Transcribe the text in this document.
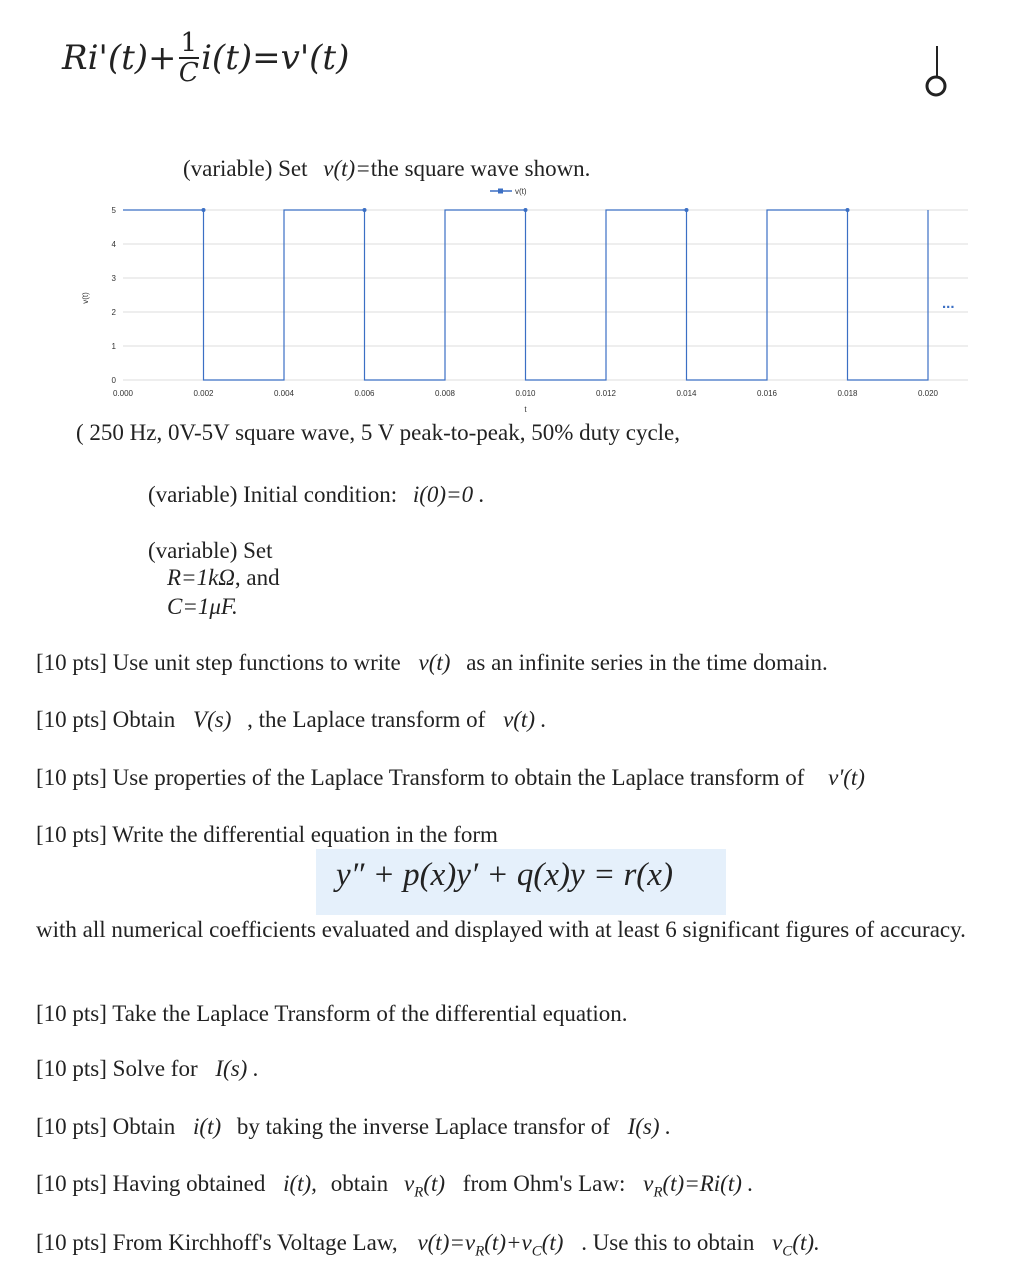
$Ri'(t)+ \frac{1}{C} i(t)=v'(t)$
(variable) Set v(t)=the square wave shown.
0
1
2
3
4
5
0.000	0.002	0.004	0.006	0.008	0.010	0.012	0.014	0.016	0.018	0.020
t
v(t)
v(t)
...
( 250 Hz, 0V-5V square wave, 5 V peak-to-peak, 50% duty cycle,
(variable) Initial condition: i(0)=0 .
(variable) Set
R=1kΩ, and
C=1μF.
[10 pts] Use unit step functions to write v(t) as an infinite series in the time domain.
[10 pts] Obtain V(s) , the Laplace transform of v(t) .
[10 pts] Use properties of the Laplace Transform to obtain the Laplace transform of v'(t)
[10 pts] Write the differential equation in the form
y″ + p(x)y′ + q(x)y = r(x)
with all numerical coefficients evaluated and displayed with at least 6 significant figures of accuracy.
[10 pts] Take the Laplace Transform of the differential equation.
[10 pts] Solve for I(s) .
[10 pts] Obtain i(t) by taking the inverse Laplace transfor of I(s) .
[10 pts] Having obtained i(t), obtain $v_R(t)$ from Ohm's Law: $v_R(t)=Ri(t)$ .
[10 pts] From Kirchhoff's Voltage Law, $v(t)=v_R(t)+v_C(t)$ . Use this to obtain $v_C(t)$.
